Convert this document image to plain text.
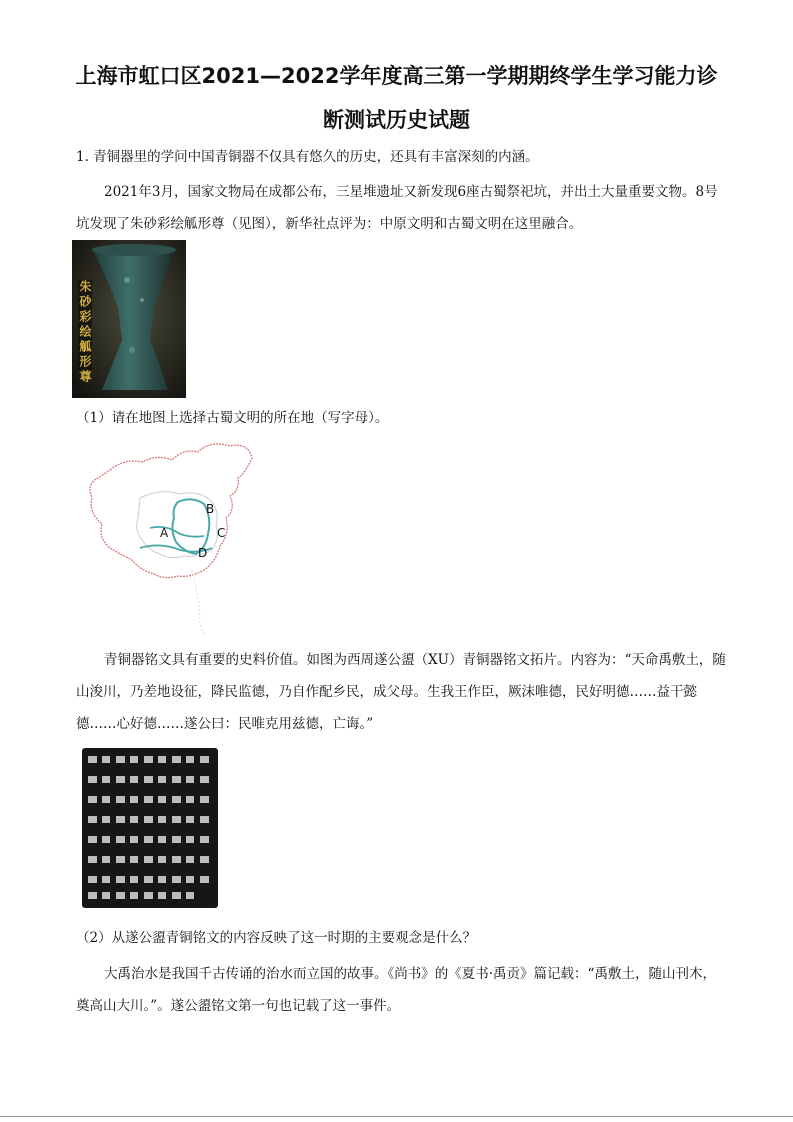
上海市虹口区2021—2022学年度高三第一学期期终学生学习能力诊
断测试历史试题

1. 青铜器里的学问中国青铜器不仅具有悠久的历史，还具有丰富深刻的内涵。

2021年3月，国家文物局在成都公布，三星堆遗址又新发现6座古蜀祭祀坑，并出土大量重要文物。8号坑发现了朱砂彩绘觚形尊（见图），新华社点评为：中原文明和古蜀文明在这里融合。

朱砂彩绘觚形尊

（1）请在地图上选择古蜀文明的所在地（写字母）。

A
B
C
D

青铜器铭文具有重要的史料价值。如图为西周遂公盨（XU）青铜器铭文拓片。内容为：“天命禹敷土，随山浚川，乃差地设征，降民监德，乃自作配乡民，成父母。生我王作臣，厥沫唯德，民好明德……益干懿德……心好德……遂公曰：民唯克用兹德，亡诲。”

（2）从遂公盨青铜铭文的内容反映了这一时期的主要观念是什么？

大禹治水是我国千古传诵的治水而立国的故事。《尚书》的《夏书·禹贡》篇记载：“禹敷土，随山刊木，奠高山大川。”。遂公盨铭文第一句也记载了这一事件。
